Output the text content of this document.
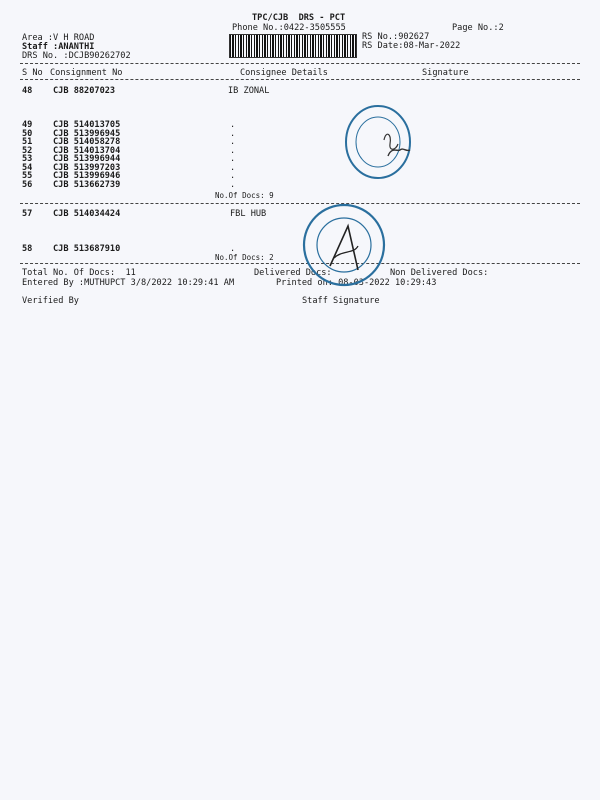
TPC/CJB  DRS - PCT
Phone No.:0422-3505555	Page No.:2
Area :V H ROAD
Staff :ANANTHI
DRS No. :DCJB90262702
RS No.:902627
RS Date:08-Mar-2022
S No Consignment No	Consignee Details	Signature
48 CJB 88207023	IB ZONAL
49 CJB 514013705	.
50 CJB 513996945	.
51 CJB 514058278	.
52 CJB 514013704	.
53 CJB 513996944	.
54 CJB 513997203	.
55 CJB 513996946	.
56 CJB 513662739	.
No.Of Docs: 9
57 CJB 514034424	FBL HUB
58 CJB 513687910	.
No.Of Docs: 2
Total No. Of Docs:  11	Delivered Docs:	Non Delivered Docs:
Entered By :MUTHUPCT 3/8/2022 10:29:41 AM	Printed on: 08-03-2022 10:29:43
Verified By	Staff Signature
